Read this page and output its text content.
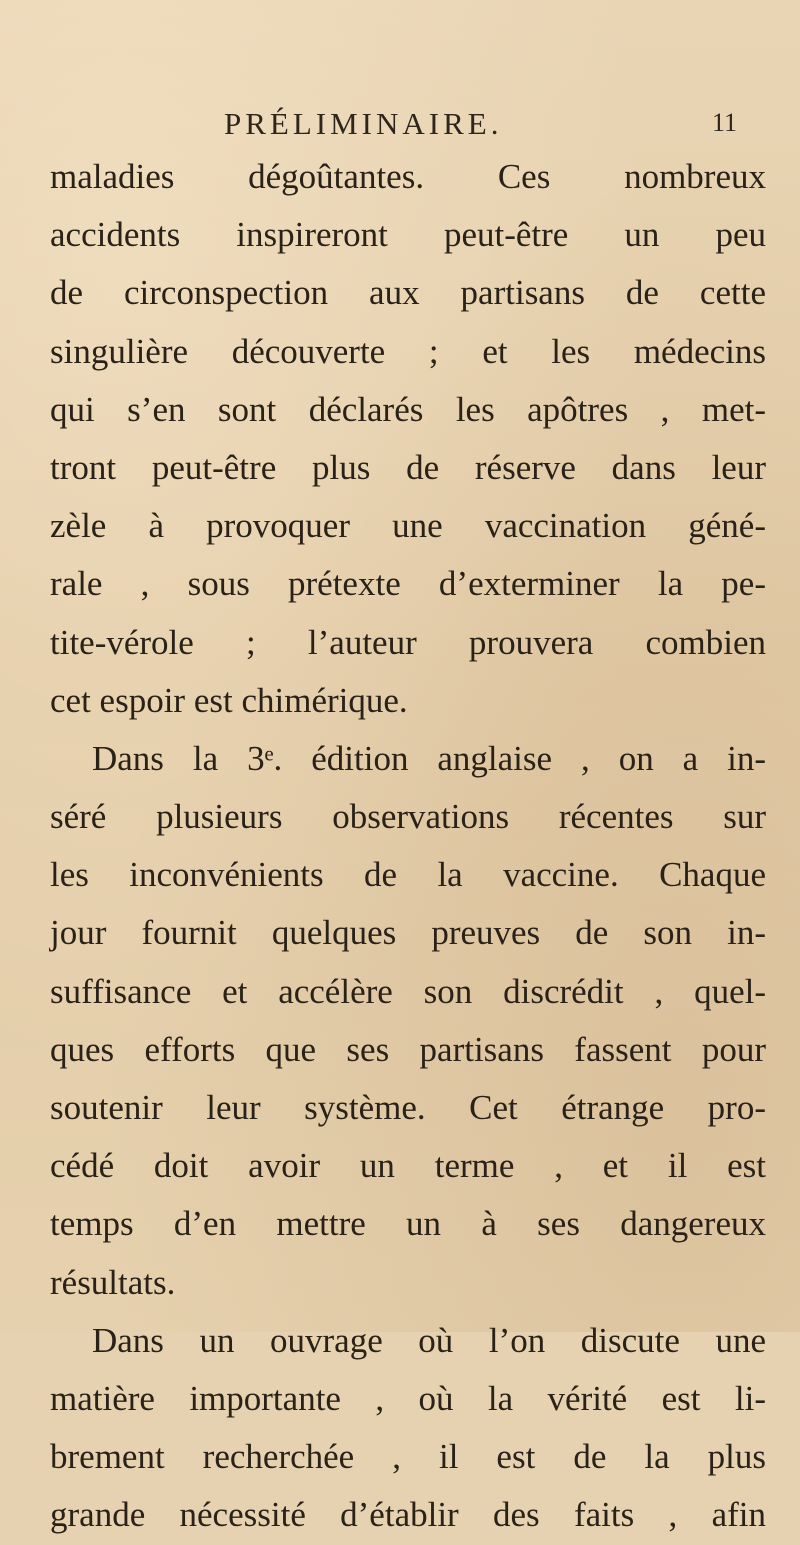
PRÉLIMINAIRE.	11
maladies dégoûtantes. Ces nombreux
accidents inspireront peut-être un peu
de circonspection aux partisans de cette
singulière découverte ; et les médecins
qui s’en sont déclarés les apôtres , met-
tront peut-être plus de réserve dans leur
zèle à provoquer une vaccination géné-
rale , sous prétexte d’exterminer la pe-
tite-vérole ; l’auteur prouvera combien
cet espoir est chimérique.
Dans la 3ᵉ. édition anglaise , on a in-
séré plusieurs observations récentes sur
les inconvénients de la vaccine. Chaque
jour fournit quelques preuves de son in-
suffisance et accélère son discrédit , quel-
ques efforts que ses partisans fassent pour
soutenir leur système. Cet étrange pro-
cédé doit avoir un terme , et il est
temps d’en mettre un à ses dangereux
résultats.
Dans un ouvrage où l’on discute une
matière importante , où la vérité est li-
brement recherchée , il est de la plus
grande nécessité d’établir des faits , afin
